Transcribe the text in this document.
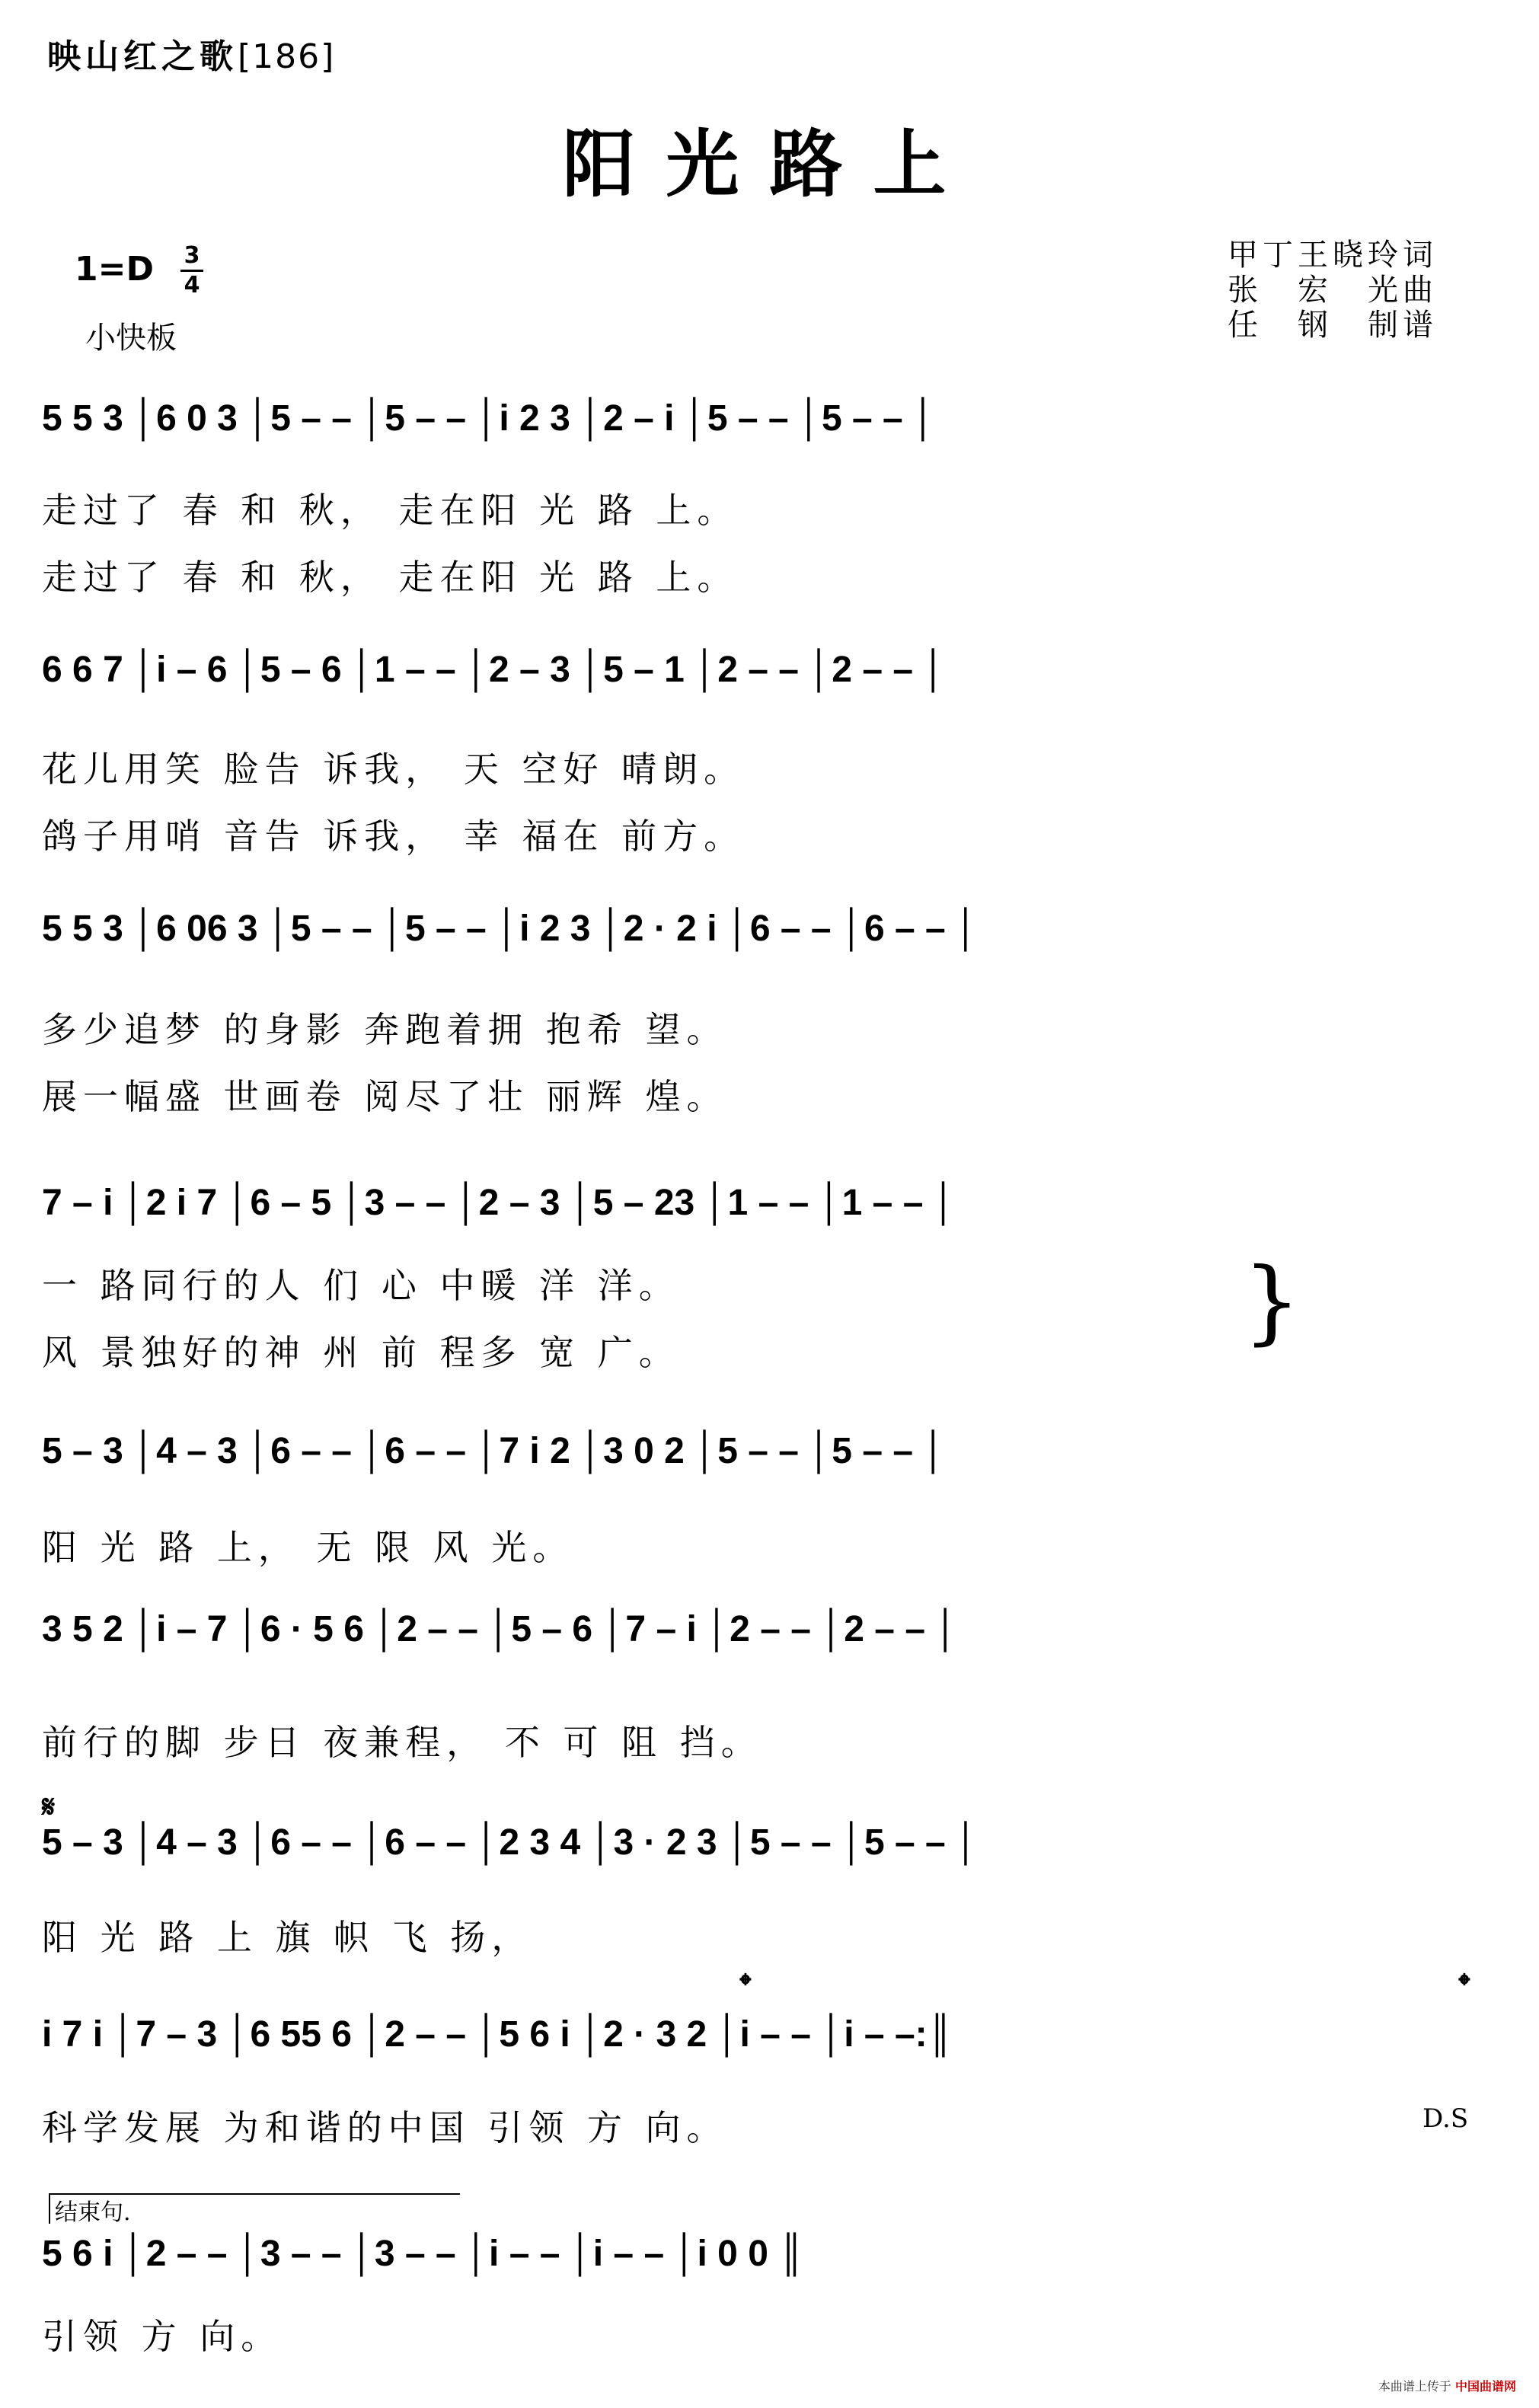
映山红之歌[186]
阳光路上
1=D 3
4
小快板
甲丁王晓玲词
张　宏　光曲
任　钢　制谱
5 5 3 │6 0 3 │5 – – │5 – – │i 2 3 │2 – i │5 – – │5 – – │
走过了 春 和 秋， 走在阳 光 路 上。
走过了 春 和 秋， 走在阳 光 路 上。
6 6 7 │i – 6 │5 – 6 │1 – – │2 – 3 │5 – 1 │2 – – │2 – – │
花儿用笑 脸告 诉我， 天 空好 晴朗。
鸽子用哨 音告 诉我， 幸 福在 前方。
5 5 3 │6 06 3 │5 – – │5 – – │i 2 3 │2 · 2 i │6 – – │6 – – │
多少追梦 的身影 奔跑着拥 抱希 望。
展一幅盛 世画卷 阅尽了壮 丽辉 煌。
7 – i │2 i 7 │6 – 5 │3 – – │2 – 3 │5 – 23 │1 – – │1 – – │
一 路同行的人 们 心 中暖 洋 洋。
风 景独好的神 州 前 程多 宽 广。	}
5 – 3 │4 – 3 │6 – – │6 – – │7 i 2 │3 0 2 │5 – – │5 – – │
阳 光 路 上， 无 限 风 光。
3 5 2 │i – 7 │6 · 5 6 │2 – – │5 – 6 │7 – i │2 – – │2 – – │
前行的脚 步日 夜兼程， 不 可 阻 挡。
𝄋
5 – 3 │4 – 3 │6 – – │6 – – │2 3 4 │3 · 2 3 │5 – – │5 – – │
阳 光 路 上 旗 帜 飞 扬，
𝄌	𝄌
i 7 i │7 – 3 │6 55 6 │2 – – │5 6 i │2 · 3 2 │i – – │i – –:║
科学发展 为和谐的中国 引领 方 向。	D.S
结束句.
5 6 i │2 – – │3 – – │3 – – │i – – │i – – │i 0 0 ║
引领 方 向。
本曲谱上传于 中国曲谱网
